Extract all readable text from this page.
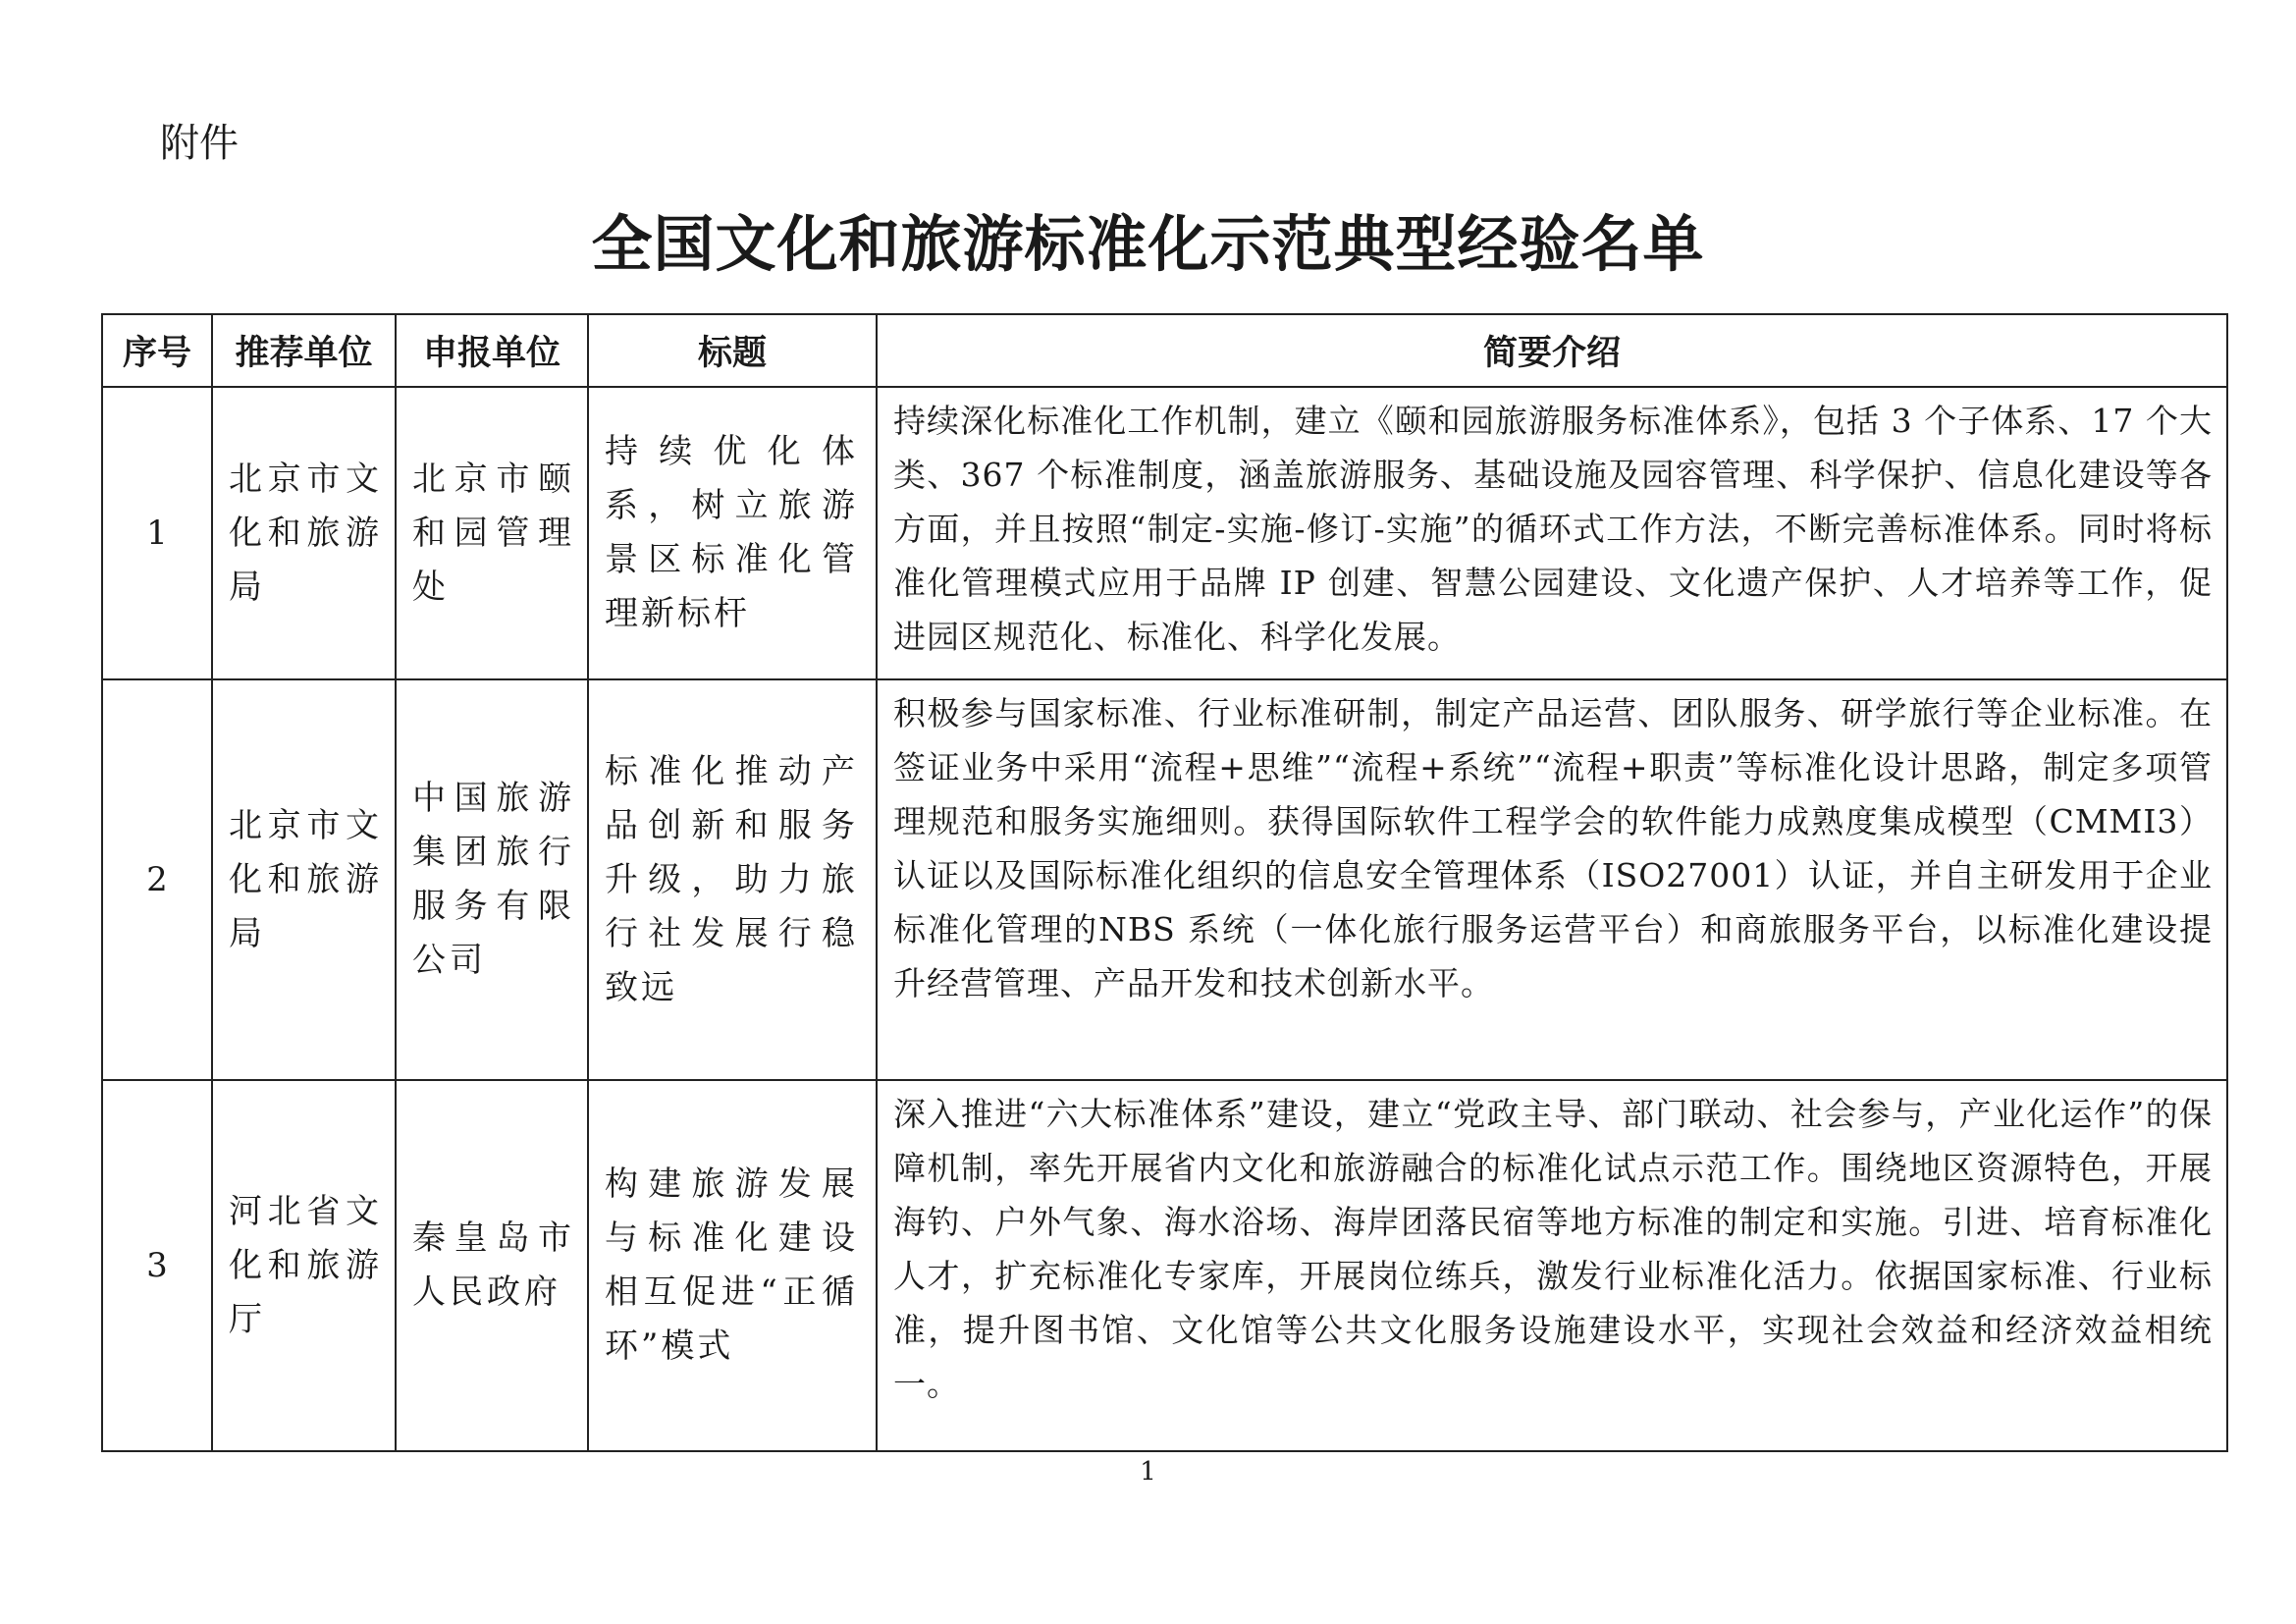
附件
全国文化和旅游标准化示范典型经验名单
序号	推荐单位	申报单位	标题	简要介绍
1	北京市文化和旅游局	北京市颐和园管理处	持续优化体系，树立旅游景区标准化管理新标杆	持续深化标准化工作机制，建立《颐和园旅游服务标准体系》，包括 3 个子体系、17 个大类、367 个标准制度，涵盖旅游服务、基础设施及园容管理、科学保护、信息化建设等各方面，并且按照“制定-实施-修订-实施”的循环式工作方法，不断完善标准体系。同时将标准化管理模式应用于品牌 IP 创建、智慧公园建设、文化遗产保护、人才培养等工作，促进园区规范化、标准化、科学化发展。
2	北京市文化和旅游局	中国旅游集团旅行服务有限公司	标准化推动产品创新和服务升级，助力旅行社发展行稳致远	积极参与国家标准、行业标准研制，制定产品运营、团队服务、研学旅行等企业标准。在签证业务中采用“流程+思维”“流程+系统”“流程+职责”等标准化设计思路，制定多项管理规范和服务实施细则。获得国际软件工程学会的软件能力成熟度集成模型（CMMI3）认证以及国际标准化组织的信息安全管理体系（ISO27001）认证，并自主研发用于企业标准化管理的NBS 系统（一体化旅行服务运营平台）和商旅服务平台，以标准化建设提升经营管理、产品开发和技术创新水平。
3	河北省文化和旅游厅	秦皇岛市人民政府	构建旅游发展与标准化建设相互促进“正循环”模式	深入推进“六大标准体系”建设，建立“党政主导、部门联动、社会参与，产业化运作”的保障机制，率先开展省内文化和旅游融合的标准化试点示范工作。围绕地区资源特色，开展海钓、户外气象、海水浴场、海岸团落民宿等地方标准的制定和实施。引进、培育标准化人才，扩充标准化专家库，开展岗位练兵，激发行业标准化活力。依据国家标准、行业标准，提升图书馆、文化馆等公共文化服务设施建设水平，实现社会效益和经济效益相统一。
1
